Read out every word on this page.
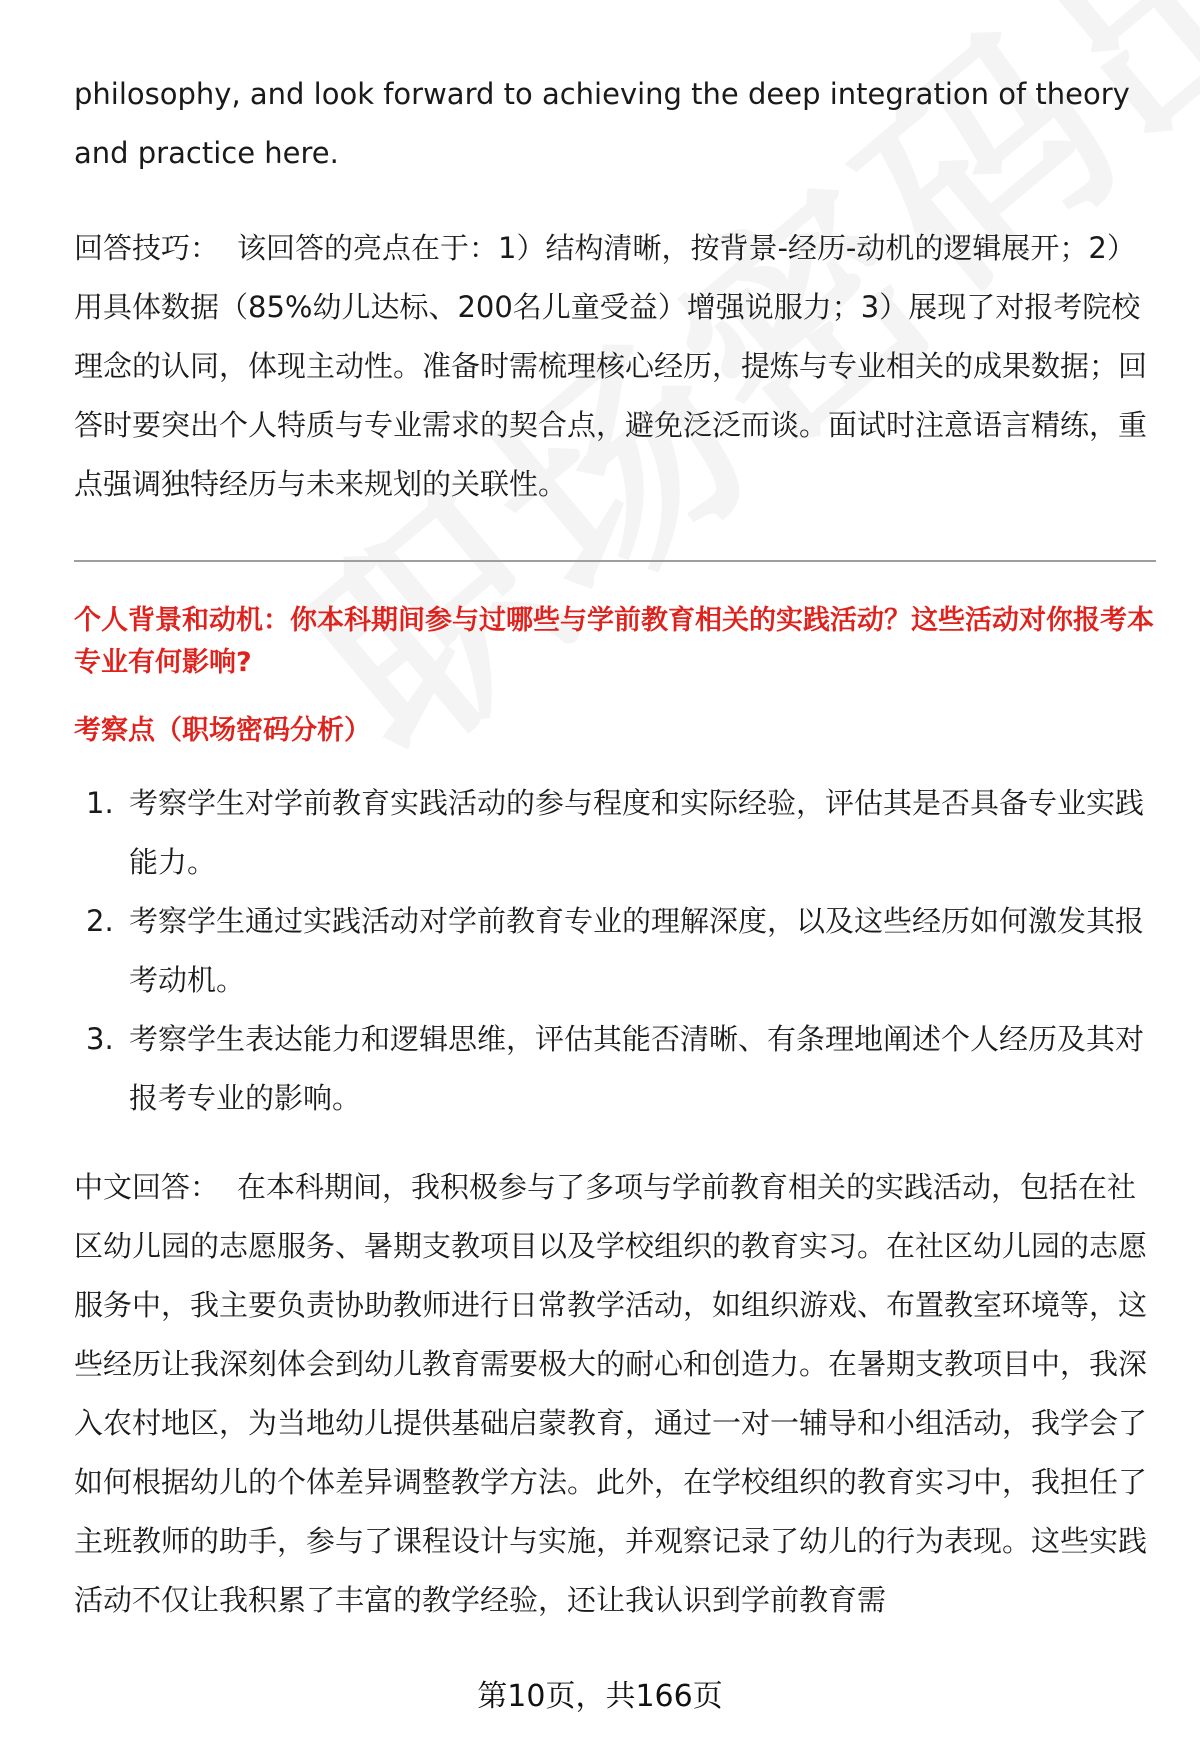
philosophy, and look forward to achieving the deep integration of theory and practice here.

回答技巧： 该回答的亮点在于：1）结构清晰，按背景-经历-动机的逻辑展开；2）用具体数据（85%幼儿达标、200名儿童受益）增强说服力；3）展现了对报考院校理念的认同，体现主动性。准备时需梳理核心经历，提炼与专业相关的成果数据；回答时要突出个人特质与专业需求的契合点，避免泛泛而谈。面试时注意语言精练，重点强调独特经历与未来规划的关联性。

个人背景和动机：你本科期间参与过哪些与学前教育相关的实践活动？这些活动对你报考本专业有何影响?
考察点（职场密码分析）
1. 考察学生对学前教育实践活动的参与程度和实际经验，评估其是否具备专业实践能力。
2. 考察学生通过实践活动对学前教育专业的理解深度，以及这些经历如何激发其报考动机。
3. 考察学生表达能力和逻辑思维，评估其能否清晰、有条理地阐述个人经历及其对报考专业的影响。

中文回答： 在本科期间，我积极参与了多项与学前教育相关的实践活动，包括在社区幼儿园的志愿服务、暑期支教项目以及学校组织的教育实习。在社区幼儿园的志愿服务中，我主要负责协助教师进行日常教学活动，如组织游戏、布置教室环境等，这些经历让我深刻体会到幼儿教育需要极大的耐心和创造力。在暑期支教项目中，我深入农村地区，为当地幼儿提供基础启蒙教育，通过一对一辅导和小组活动，我学会了如何根据幼儿的个体差异调整教学方法。此外，在学校组织的教育实习中，我担任了主班教师的助手，参与了课程设计与实施，并观察记录了幼儿的行为表现。这些实践活动不仅让我积累了丰富的教学经验，还让我认识到学前教育需

第10页，共166页
